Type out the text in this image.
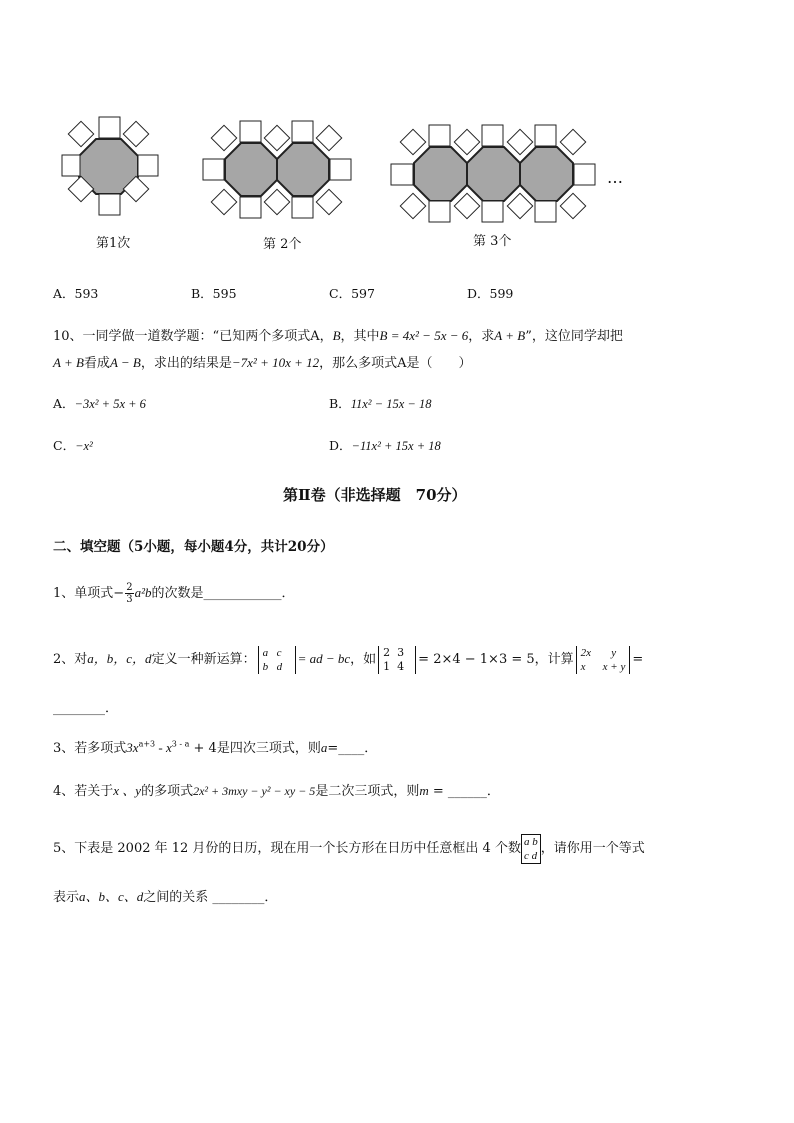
…
第1次	第 2个	第 3个
A．593	B．595	C．597	D．599
10、一同学做一道数学题：“已知两个多项式A，B，其中B = 4x² − 5x − 6，求A + B”，这位同学却把
A + B看成A − B，求出的结果是−7x² + 10x + 12，那么多项式A是（　　）
A．−3x² + 5x + 6	B．11x² − 15x − 18
C．−x²	D．−11x² + 15x + 18
第Ⅱ卷（非选择题　70分）
二、填空题（5小题，每小题4分，共计20分）
1、单项式− $\frac{2}{3} a^2b$的次数是____________．
2、对a，b，c，d定义一种新运算： a c
b d
= ad − bc，如 2 3
1 4	= 2×4 − 1×3 = 5，计算 2x y
x x + y =
________．
3、若多项式$3x^{a+3} - x^{3 - a} + 4$是四次三项式，则a=____．
4、若关于x 、y的多项式2x² + 3mxy − y² − xy − 5是二次三项式，则m = ______．
5、下表是 2002 年 12 月份的日历，现在用一个长方形在日历中任意框出 4 个数 a b
c d ，请你用一个等式
表示a、b、c、d之间的关系 ________．
